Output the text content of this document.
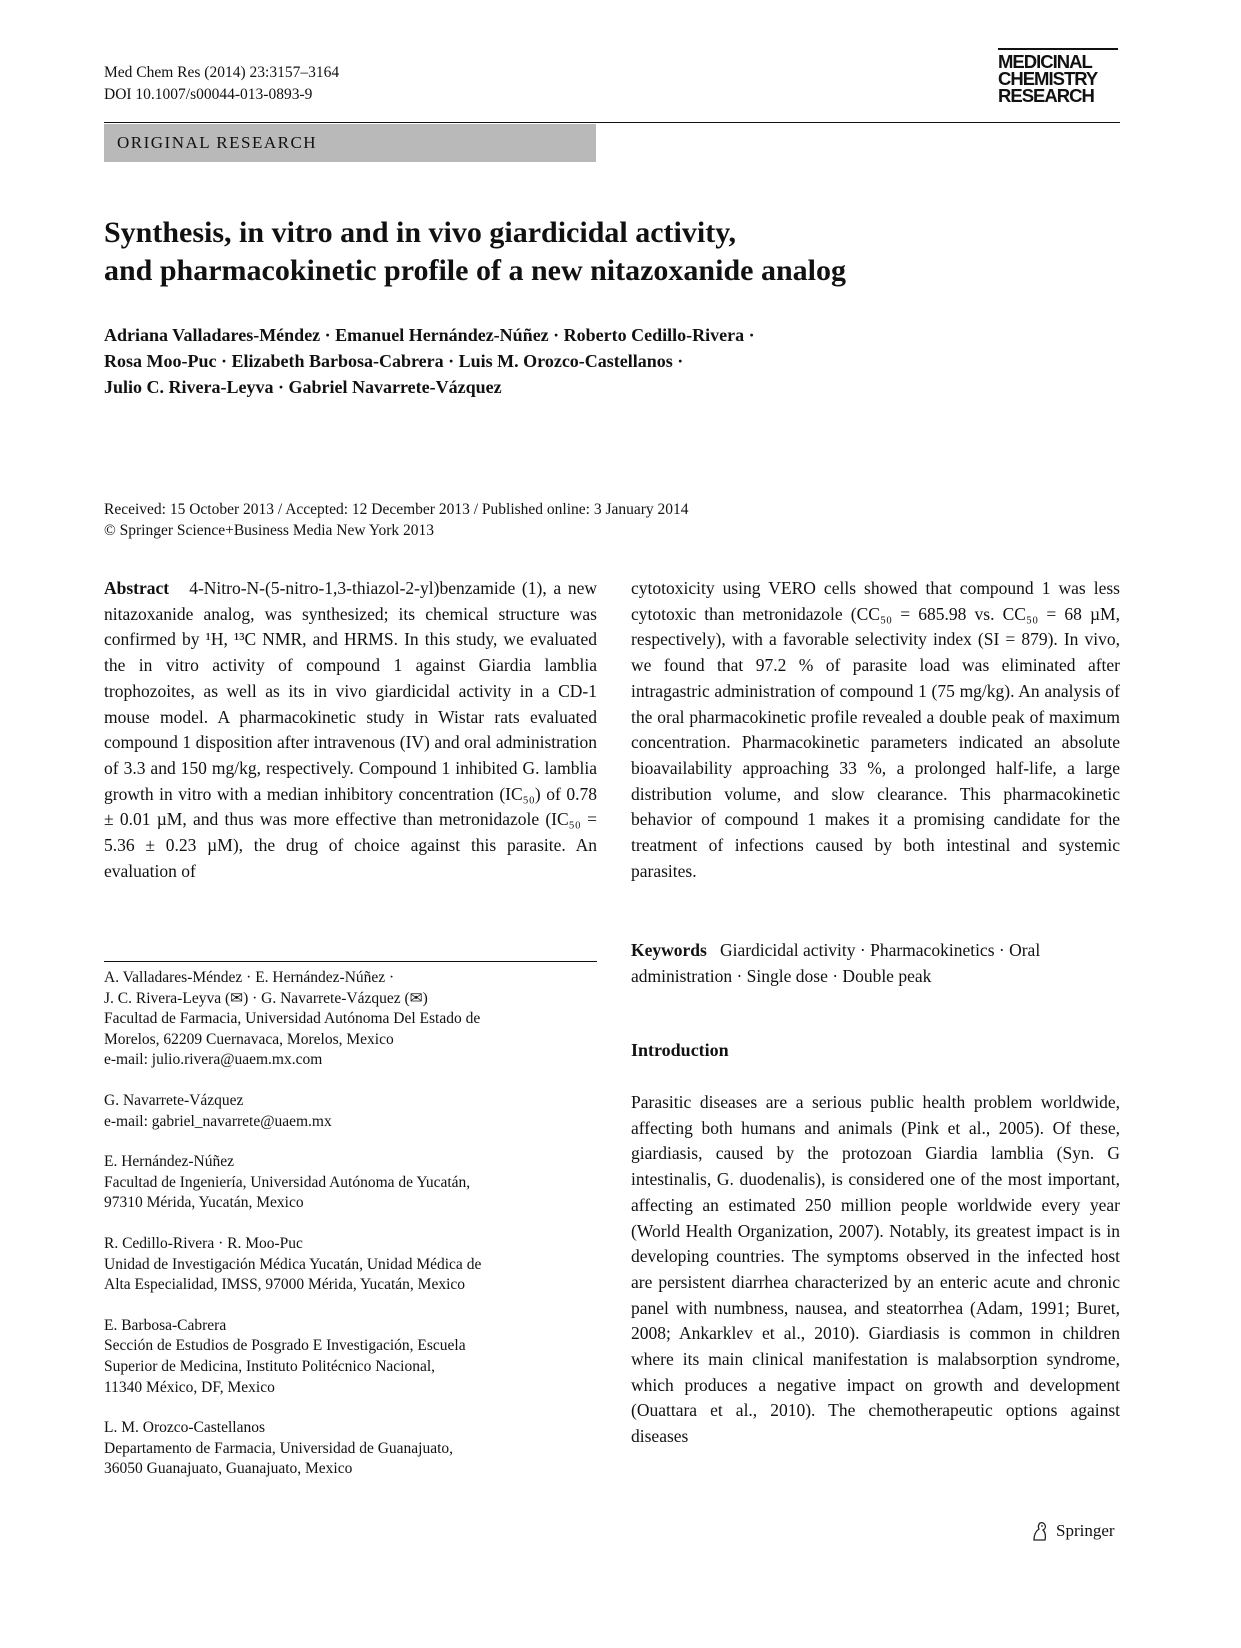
Med Chem Res (2014) 23:3157–3164
DOI 10.1007/s00044-013-0893-9
MEDICINAL
CHEMISTRY
RESEARCH
ORIGINAL RESEARCH
Synthesis, in vitro and in vivo giardicidal activity,
and pharmacokinetic profile of a new nitazoxanide analog
Adriana Valladares-Méndez · Emanuel Hernández-Núñez · Roberto Cedillo-Rivera ·
Rosa Moo-Puc · Elizabeth Barbosa-Cabrera · Luis M. Orozco-Castellanos ·
Julio C. Rivera-Leyva · Gabriel Navarrete-Vázquez
Received: 15 October 2013 / Accepted: 12 December 2013 / Published online: 3 January 2014
© Springer Science+Business Media New York 2013

Abstract 4-Nitro-N-(5-nitro-1,3-thiazol-2-yl)benzamide (1), a new nitazoxanide analog, was synthesized; its chemical structure was confirmed by ¹H, ¹³C NMR, and HRMS. In this study, we evaluated the in vitro activity of compound 1 against Giardia lamblia trophozoites, as well as its in vivo giardicidal activity in a CD-1 mouse model. A pharmacokinetic study in Wistar rats evaluated compound 1 disposition after intravenous (IV) and oral administration of 3.3 and 150 mg/kg, respectively. Compound 1 inhibited G. lamblia growth in vitro with a median inhibitory concentration (IC₅₀) of 0.78 ± 0.01 µM, and thus was more effective than metronidazole (IC₅₀ = 5.36 ± 0.23 µM), the drug of choice against this parasite. An evaluation of

A. Valladares-Méndez · E. Hernández-Núñez ·
J. C. Rivera-Leyva (✉) · G. Navarrete-Vázquez (✉)
Facultad de Farmacia, Universidad Autónoma Del Estado de
Morelos, 62209 Cuernavaca, Morelos, Mexico
e-mail: julio.rivera@uaem.mx.com
G. Navarrete-Vázquez
e-mail: gabriel_navarrete@uaem.mx
E. Hernández-Núñez
Facultad de Ingeniería, Universidad Autónoma de Yucatán,
97310 Mérida, Yucatán, Mexico
R. Cedillo-Rivera · R. Moo-Puc
Unidad de Investigación Médica Yucatán, Unidad Médica de
Alta Especialidad, IMSS, 97000 Mérida, Yucatán, Mexico
E. Barbosa-Cabrera
Sección de Estudios de Posgrado E Investigación, Escuela
Superior de Medicina, Instituto Politécnico Nacional,
11340 México, DF, Mexico
L. M. Orozco-Castellanos
Departamento de Farmacia, Universidad de Guanajuato,
36050 Guanajuato, Guanajuato, Mexico

cytotoxicity using VERO cells showed that compound 1 was less cytotoxic than metronidazole (CC₅₀ = 685.98 vs. CC₅₀ = 68 µM, respectively), with a favorable selectivity index (SI = 879). In vivo, we found that 97.2 % of parasite load was eliminated after intragastric administration of compound 1 (75 mg/kg). An analysis of the oral pharmacokinetic profile revealed a double peak of maximum concentration. Pharmacokinetic parameters indicated an absolute bioavailability approaching 33 %, a prolonged half-life, a large distribution volume, and slow clearance. This pharmacokinetic behavior of compound 1 makes it a promising candidate for the treatment of infections caused by both intestinal and systemic parasites.

Keywords Giardicidal activity · Pharmacokinetics · Oral administration · Single dose · Double peak
Introduction

Parasitic diseases are a serious public health problem worldwide, affecting both humans and animals (Pink et al., 2005). Of these, giardiasis, caused by the protozoan Giardia lamblia (Syn. G intestinalis, G. duodenalis), is considered one of the most important, affecting an estimated 250 million people worldwide every year (World Health Organization, 2007). Notably, its greatest impact is in developing countries. The symptoms observed in the infected host are persistent diarrhea characterized by an enteric acute and chronic panel with numbness, nausea, and steatorrhea (Adam, 1991; Buret, 2008; Ankarklev et al., 2010). Giardiasis is common in children where its main clinical manifestation is malabsorption syndrome, which produces a negative impact on growth and development (Ouattara et al., 2010). The chemotherapeutic options against diseases

Springer
